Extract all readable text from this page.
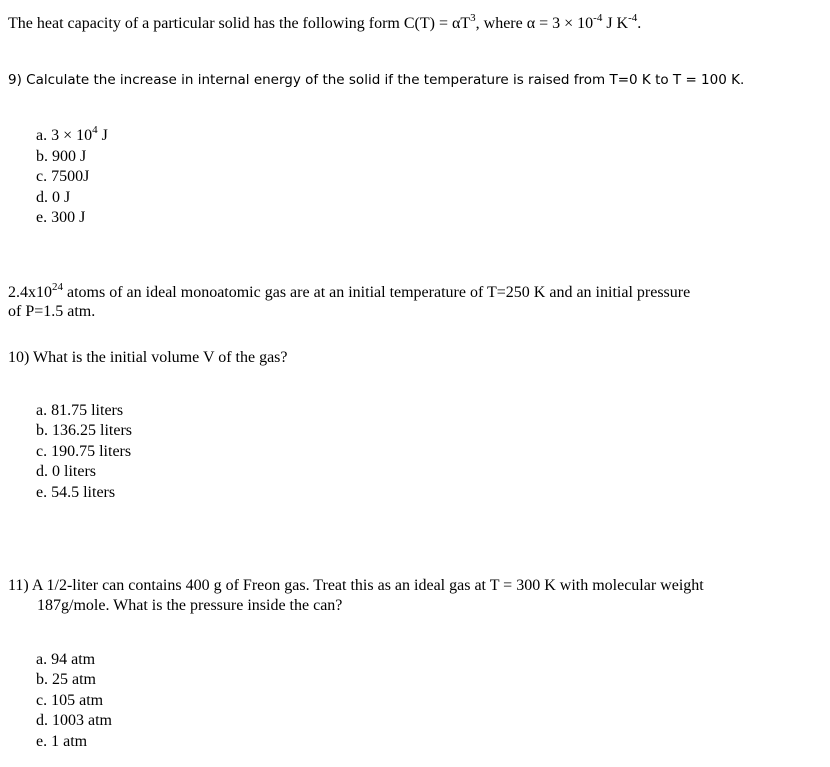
The heat capacity of a particular solid has the following form $C(T) = \alpha T^3$, where $\alpha = 3 \times 10^{-4}$ J $K^{-4}$.
9) Calculate the increase in internal energy of the solid if the temperature is raised from T=0 K to T = 100 K.
a. $3 \times 10^4$ J
b. 900 J
c. 7500J
d. 0 J
e. 300 J
$2.4x10^{24}$ atoms of an ideal monoatomic gas are at an initial temperature of T=250 K and an initial pressure
of P=1.5 atm.
10) What is the initial volume V of the gas?
a. 81.75 liters
b. 136.25 liters
c. 190.75 liters
d. 0 liters
e. 54.5 liters
11) A 1/2-liter can contains 400 g of Freon gas. Treat this as an ideal gas at T = 300 K with molecular weight
187g/mole. What is the pressure inside the can?
a. 94 atm
b. 25 atm
c. 105 atm
d. 1003 atm
e. 1 atm
